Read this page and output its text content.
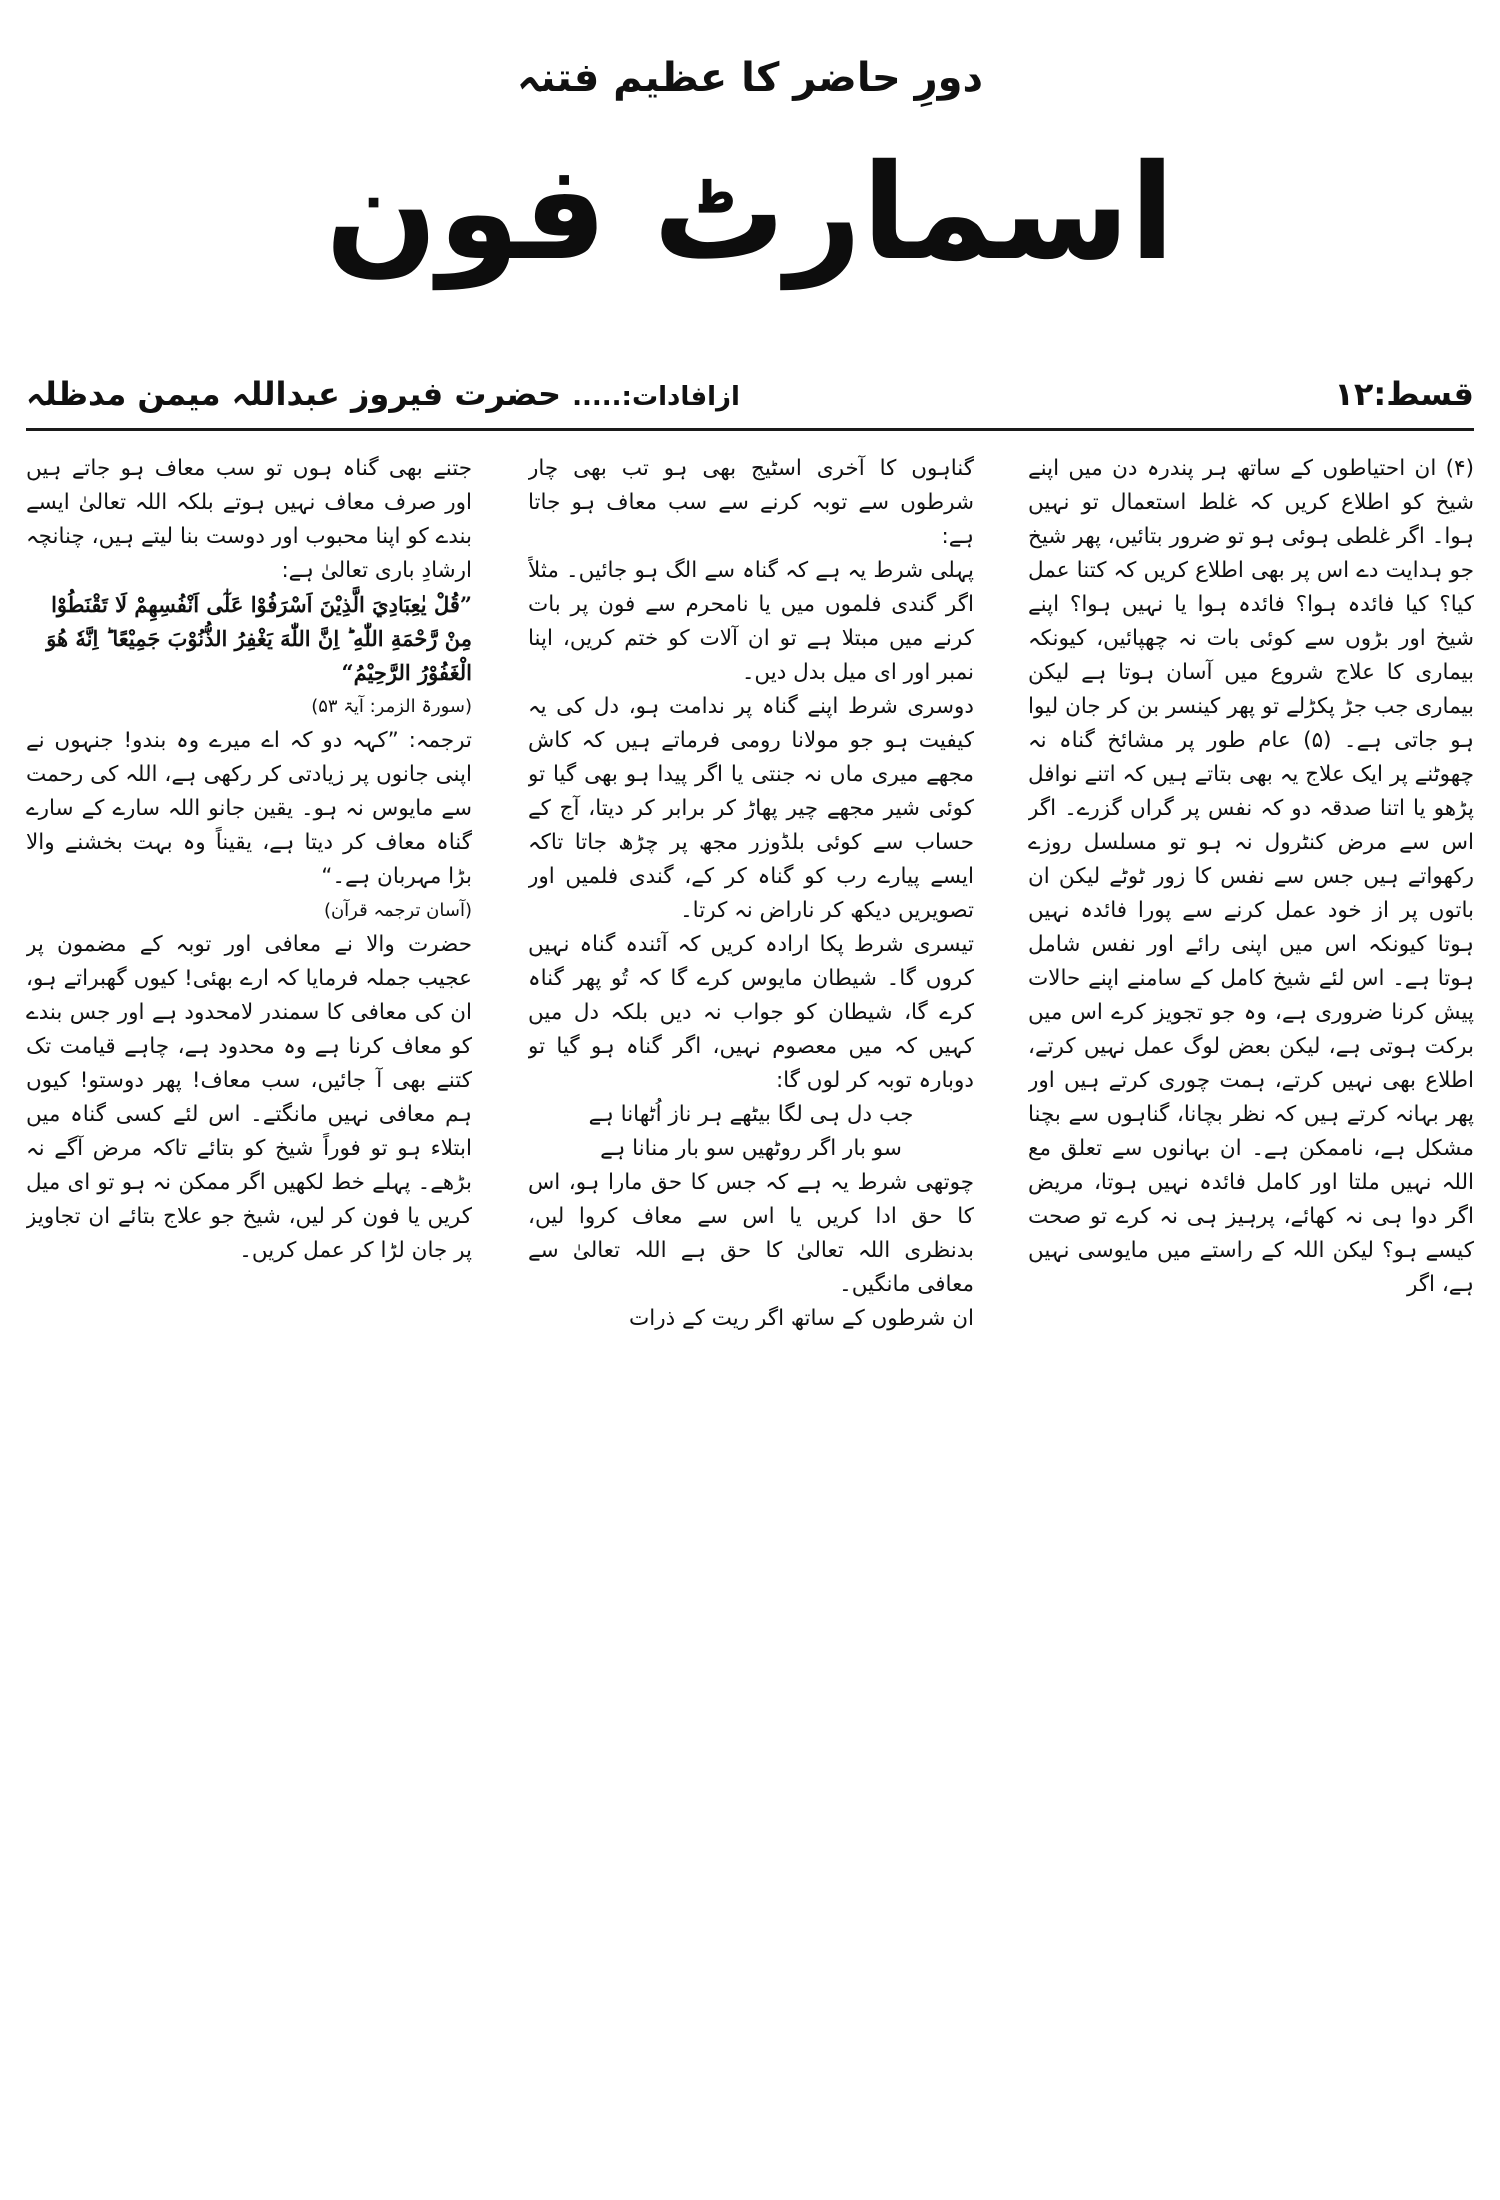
دورِ حاضر کا عظیم فتنہ
اسمارٹ فون
قسط:۱۲
ازافادات:..... حضرت فیروز عبداللہ میمن مدظلہ

(۴) ان احتیاطوں کے ساتھ ہر پندرہ دن میں اپنے شیخ کو اطلاع کریں کہ غلط استعمال تو نہیں ہوا۔ اگر غلطی ہوئی ہو تو ضرور بتائیں، پھر شیخ جو ہدایت دے اس پر بھی اطلاع کریں کہ کتنا عمل کیا؟ کیا فائدہ ہوا؟ فائدہ ہوا یا نہیں ہوا؟ اپنے شیخ اور بڑوں سے کوئی بات نہ چھپائیں، کیونکہ بیماری کا علاج شروع میں آسان ہوتا ہے لیکن بیماری جب جڑ پکڑلے تو پھر کینسر بن کر جان لیوا ہو جاتی ہے۔ (۵) عام طور پر مشائخ گناہ نہ چھوٹنے پر ایک علاج یہ بھی بتاتے ہیں کہ اتنے نوافل پڑھو یا اتنا صدقہ دو کہ نفس پر گراں گزرے۔ اگر اس سے مرض کنٹرول نہ ہو تو مسلسل روزے رکھواتے ہیں جس سے نفس کا زور ٹوٹے لیکن ان باتوں پر از خود عمل کرنے سے پورا فائدہ نہیں ہوتا کیونکہ اس میں اپنی رائے اور نفس شامل ہوتا ہے۔ اس لئے شیخ کامل کے سامنے اپنے حالات پیش کرنا ضروری ہے، وہ جو تجویز کرے اس میں برکت ہوتی ہے، لیکن بعض لوگ عمل نہیں کرتے، اطلاع بھی نہیں کرتے، ہمت چوری کرتے ہیں اور پھر بہانہ کرتے ہیں کہ نظر بچانا، گناہوں سے بچنا مشکل ہے، ناممکن ہے۔ ان بہانوں سے تعلق مع اللہ نہیں ملتا اور کامل فائدہ نہیں ہوتا، مریض اگر دوا ہی نہ کھائے، پرہیز ہی نہ کرے تو صحت کیسے ہو؟ لیکن اللہ کے راستے میں مایوسی نہیں ہے، اگر

گناہوں کا آخری اسٹیج بھی ہو تب بھی چار شرطوں سے توبہ کرنے سے سب معاف ہو جاتا ہے:

پہلی شرط یہ ہے کہ گناہ سے الگ ہو جائیں۔ مثلاً اگر گندی فلموں میں یا نامحرم سے فون پر بات کرنے میں مبتلا ہے تو ان آلات کو ختم کریں، اپنا نمبر اور ای میل بدل دیں۔

دوسری شرط اپنے گناہ پر ندامت ہو، دل کی یہ کیفیت ہو جو مولانا رومی فرماتے ہیں کہ کاش مجھے میری ماں نہ جنتی یا اگر پیدا ہو بھی گیا تو کوئی شیر مجھے چیر پھاڑ کر برابر کر دیتا، آج کے حساب سے کوئی بلڈوزر مجھ پر چڑھ جاتا تاکہ ایسے پیارے رب کو گناہ کر کے، گندی فلمیں اور تصویریں دیکھ کر ناراض نہ کرتا۔

تیسری شرط پکا ارادہ کریں کہ آئندہ گناہ نہیں کروں گا۔ شیطان مایوس کرے گا کہ تُو پھر گناہ کرے گا، شیطان کو جواب نہ دیں بلکہ دل میں کہیں کہ میں معصوم نہیں، اگر گناہ ہو گیا تو دوبارہ توبہ کر لوں گا:

جب دل ہی لگا بیٹھے ہر ناز اُٹھانا ہے

سو بار اگر روٹھیں سو بار منانا ہے

چوتھی شرط یہ ہے کہ جس کا حق مارا ہو، اس کا حق ادا کریں یا اس سے معاف کروا لیں، بدنظری اللہ تعالیٰ کا حق ہے اللہ تعالیٰ سے معافی مانگیں۔

ان شرطوں کے ساتھ اگر ریت کے ذرات

جتنے بھی گناہ ہوں تو سب معاف ہو جاتے ہیں اور صرف معاف نہیں ہوتے بلکہ اللہ تعالیٰ ایسے بندے کو اپنا محبوب اور دوست بنا لیتے ہیں، چنانچہ ارشادِ باری تعالیٰ ہے:

”قُلْ يٰعِبَادِيَ الَّذِيْنَ اَسْرَفُوْا عَلٰٓى اَنْفُسِهِمْ لَا تَقْنَطُوْا مِنْ رَّحْمَةِ اللّٰهِ ؕ اِنَّ اللّٰهَ يَغْفِرُ الذُّنُوْبَ جَمِيْعًا ؕ اِنَّهٗ هُوَ الْغَفُوْرُ الرَّحِيْمُ“

(سورۃ الزمر: آیۃ ۵۳)

ترجمہ: ”کہہ دو کہ اے میرے وہ بندو! جنہوں نے اپنی جانوں پر زیادتی کر رکھی ہے، اللہ کی رحمت سے مایوس نہ ہو۔ یقین جانو اللہ سارے کے سارے گناہ معاف کر دیتا ہے، یقیناً وہ بہت بخشنے والا بڑا مہربان ہے۔“

(آسان ترجمہ قرآن)

حضرت والا نے معافی اور توبہ کے مضمون پر عجیب جملہ فرمایا کہ ارے بھئی! کیوں گھبراتے ہو، ان کی معافی کا سمندر لامحدود ہے اور جس بندے کو معاف کرنا ہے وہ محدود ہے، چاہے قیامت تک کتنے بھی آ جائیں، سب معاف! پھر دوستو! کیوں ہم معافی نہیں مانگتے۔ اس لئے کسی گناہ میں ابتلاء ہو تو فوراً شیخ کو بتائے تاکہ مرض آگے نہ بڑھے۔ پہلے خط لکھیں اگر ممکن نہ ہو تو ای میل کریں یا فون کر لیں، شیخ جو علاج بتائے ان تجاویز پر جان لڑا کر عمل کریں۔
